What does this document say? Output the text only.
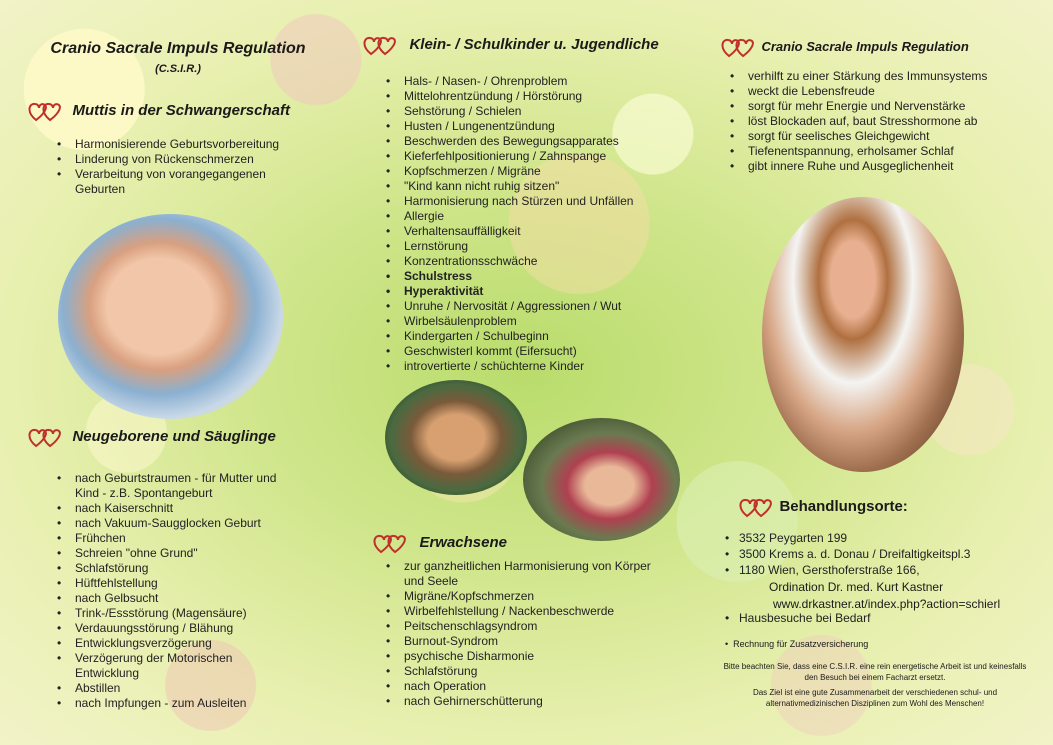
Cranio Sacrale Impuls Regulation
(C.S.I.R.)
Muttis in der Schwangerschaft
• Harmonisierende Geburtsvorbereitung
• Linderung von Rückenschmerzen
• Verarbeitung von vorangegangenen Geburten
Neugeborene und Säuglinge
• nach Geburtstraumen - für Mutter und Kind - z.B. Spontangeburt
• nach Kaiserschnitt
• nach Vakuum-Saugglocken Geburt
• Frühchen
• Schreien "ohne Grund"
• Schlafstörung
• Hüftfehlstellung
• nach Gelbsucht
• Trink-/Essstörung (Magensäure)
• Verdauungsstörung / Blähung
• Entwicklungsverzögerung
• Verzögerung der Motorischen Entwicklung
• Abstillen
• nach Impfungen - zum Ausleiten
Klein- / Schulkinder u. Jugendliche
• Hals- / Nasen- / Ohrenproblem
• Mittelohrentzündung / Hörstörung
• Sehstörung / Schielen
• Husten / Lungenentzündung
• Beschwerden des Bewegungsapparates
• Kieferfehlpositionierung / Zahnspange
• Kopfschmerzen / Migräne
• "Kind kann nicht ruhig sitzen"
• Harmonisierung nach Stürzen und Unfällen
• Allergie
• Verhaltensauffälligkeit
• Lernstörung
• Konzentrationsschwäche
• Schulstress
• Hyperaktivität
• Unruhe / Nervosität / Aggressionen / Wut
• Wirbelsäulenproblem
• Kindergarten / Schulbeginn
• Geschwisterl kommt (Eifersucht)
• introvertierte / schüchterne Kinder
Erwachsene
• zur ganzheitlichen Harmonisierung von Körper und Seele
• Migräne/Kopfschmerzen
• Wirbelfehlstellung / Nackenbeschwerde
• Peitschenschlagsyndrom
• Burnout-Syndrom
• psychische Disharmonie
• Schlafstörung
• nach Operation
• nach Gehirnerschütterung
Cranio Sacrale Impuls Regulation
• verhilft zu einer Stärkung des Immunsystems
• weckt die Lebensfreude
• sorgt für mehr Energie und Nervenstärke
• löst Blockaden auf, baut Stresshormone ab
• sorgt für seelisches Gleichgewicht
• Tiefenentspannung, erholsamer Schlaf
• gibt innere Ruhe und Ausgeglichenheit
Behandlungsorte:
• 3532 Peygarten 199
• 3500 Krems a. d. Donau / Dreifaltigkeitspl.3
• 1180 Wien, Gersthoferstraße 166,
Ordination Dr. med. Kurt Kastner
www.drkastner.at/index.php?action=schierl
• Hausbesuche bei Bedarf
•  Rechnung für Zusatzversicherung
Bitte beachten Sie, dass eine C.S.I.R. eine rein energetische Arbeit ist und keinesfalls den Besuch bei einem Facharzt ersetzt.
Das Ziel ist eine gute Zusammenarbeit der verschiedenen schul- und alternativmedizinischen Disziplinen zum Wohl des Menschen!
